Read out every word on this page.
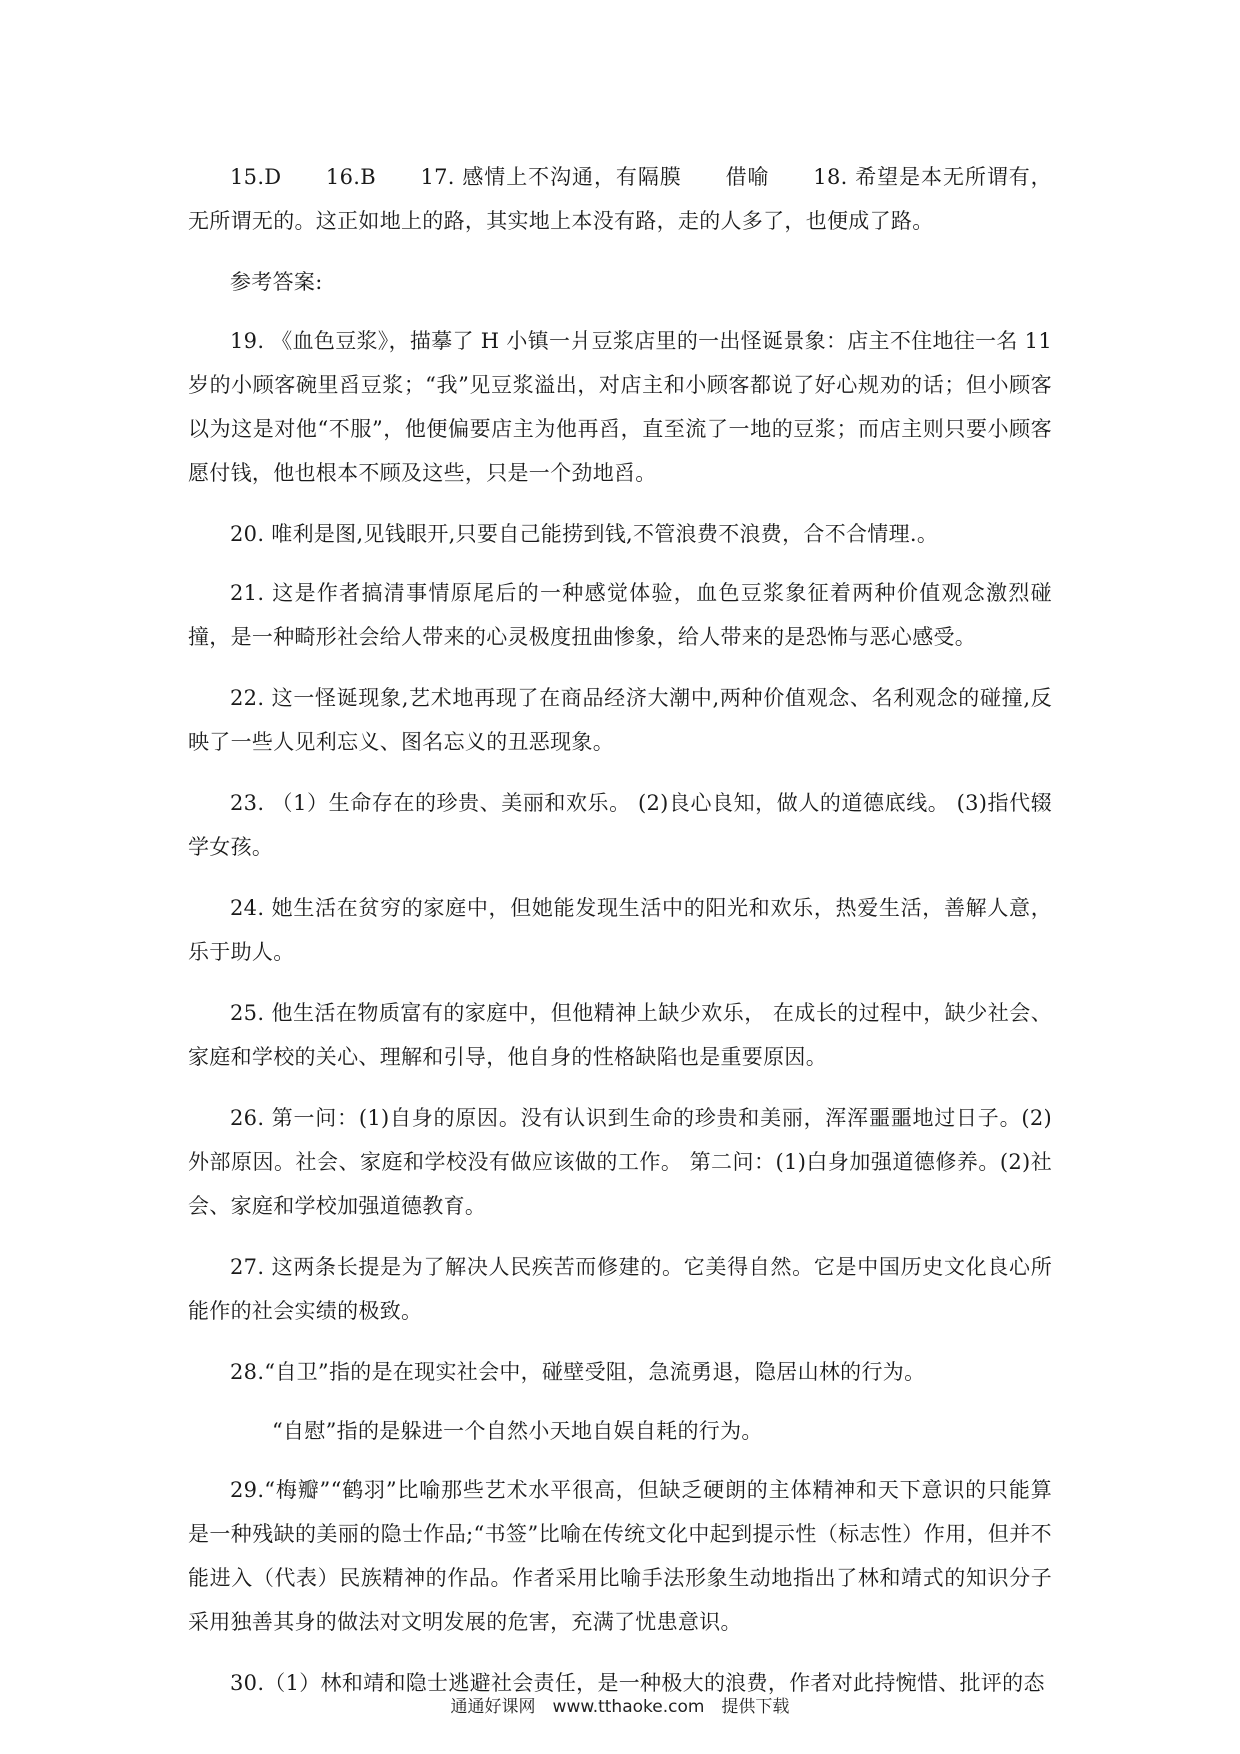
15.D　　16.B　　17. 感情上不沟通，有隔膜　　借喻　　18. 希望是本无所谓有，无所谓无的。这正如地上的路，其实地上本没有路，走的人多了，也便成了路。

参考答案:

19. 《血色豆浆》，描摹了 H 小镇一爿豆浆店里的一出怪诞景象：店主不住地往一名 11 岁的小顾客碗里舀豆浆；“我”见豆浆溢出，对店主和小顾客都说了好心规劝的话；但小顾客以为这是对他“不服”，他便偏要店主为他再舀，直至流了一地的豆浆；而店主则只要小顾客愿付钱，他也根本不顾及这些，只是一个劲地舀。

20. 唯利是图,见钱眼开,只要自己能捞到钱,不管浪费不浪费，合不合情理.。

21. 这是作者搞清事情原尾后的一种感觉体验，血色豆浆象征着两种价值观念激烈碰撞，是一种畸形社会给人带来的心灵极度扭曲惨象，给人带来的是恐怖与恶心感受。

22. 这一怪诞现象,艺术地再现了在商品经济大潮中,两种价值观念、名利观念的碰撞,反映了一些人见利忘义、图名忘义的丑恶现象。

23. （1）生命存在的珍贵、美丽和欢乐。 (2)良心良知，做人的道德底线。 (3)指代辍学女孩。

24. 她生活在贫穷的家庭中，但她能发现生活中的阳光和欢乐，热爱生活，善解人意，乐于助人。

25. 他生活在物质富有的家庭中，但他精神上缺少欢乐， 在成长的过程中，缺少社会、家庭和学校的关心、理解和引导，他自身的性格缺陷也是重要原因。

26. 第一问：(1)自身的原因。没有认识到生命的珍贵和美丽，浑浑噩噩地过日子。(2)外部原因。社会、家庭和学校没有做应该做的工作。 第二问：(1)白身加强道德修养。(2)社会、家庭和学校加强道德教育。

27. 这两条长提是为了解决人民疾苦而修建的。它美得自然。它是中国历史文化良心所能作的社会实绩的极致。

28.“自卫”指的是在现实社会中，碰壁受阻，急流勇退，隐居山林的行为。

“自慰”指的是躲进一个自然小天地自娱自耗的行为。

29.“梅瓣”“鹤羽”比喻那些艺术水平很高，但缺乏硬朗的主体精神和天下意识的只能算是一种残缺的美丽的隐士作品;“书签”比喻在传统文化中起到提示性（标志性）作用，但并不能进入（代表）民族精神的作品。作者采用比喻手法形象生动地指出了林和靖式的知识分子采用独善其身的做法对文明发展的危害，充满了忧患意识。

30.（1）林和靖和隐士逃避社会责任，是一种极大的浪费，作者对此持惋惜、批评的态

通通好课网　www.tthaoke.com　提供下载
